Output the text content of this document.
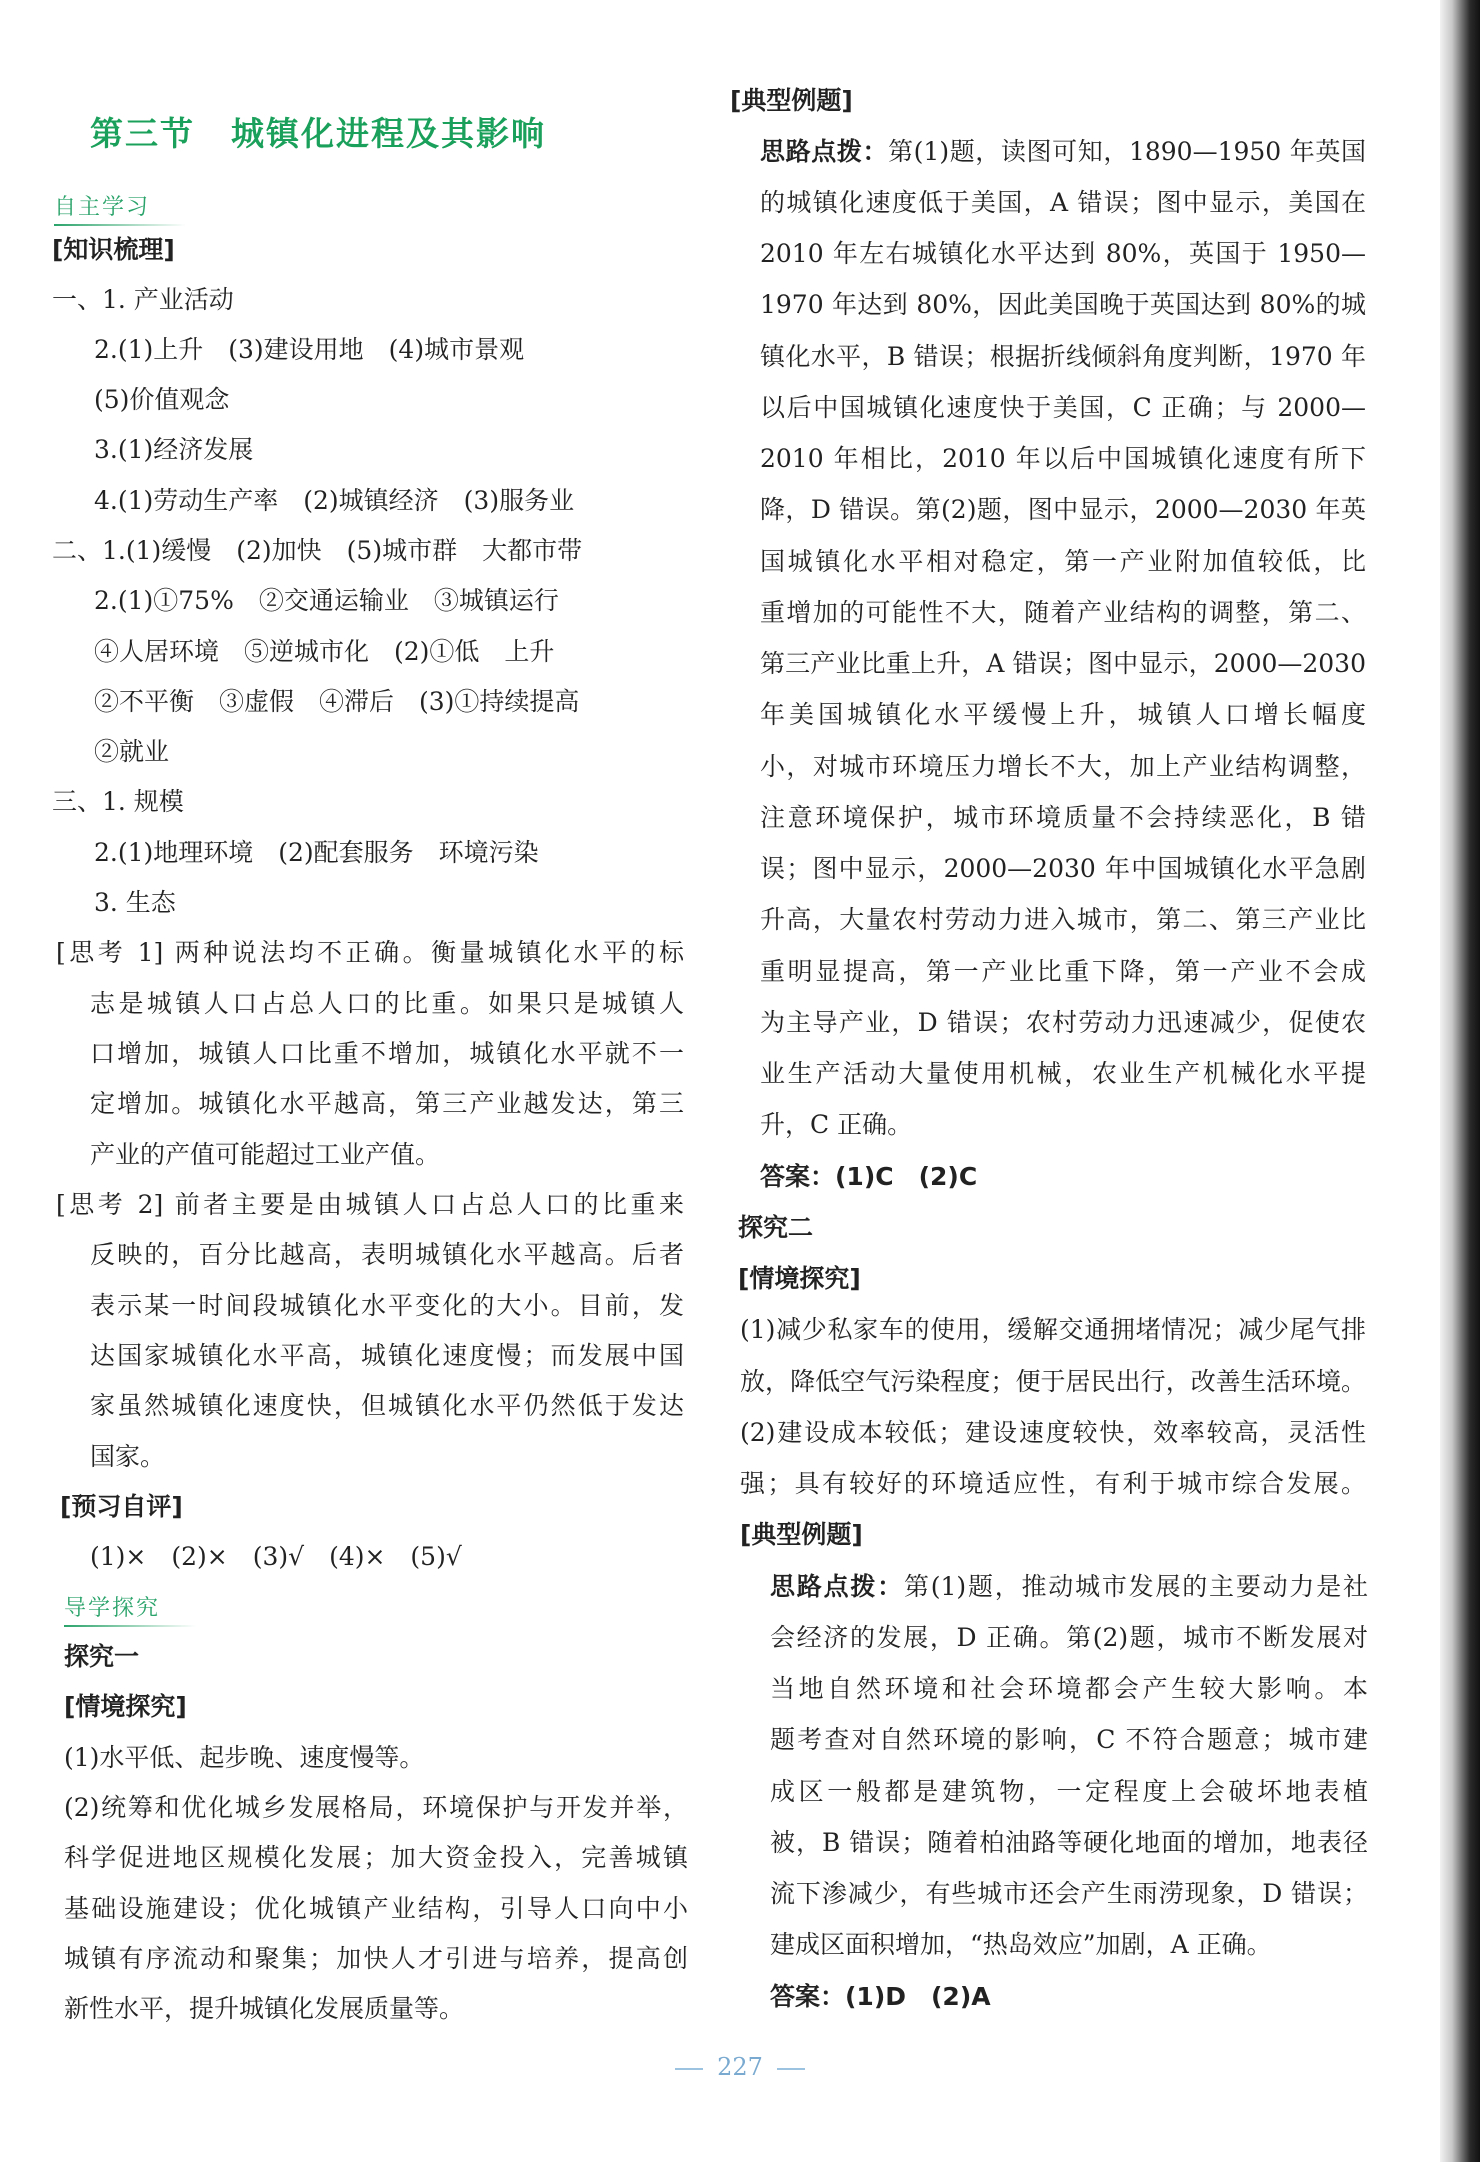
第三节 城镇化进程及其影响
自主学习
[知识梳理]
一、1. 产业活动
2.(1)上升　(3)建设用地　(4)城市景观
(5)价值观念
3.(1)经济发展
4.(1)劳动生产率　(2)城镇经济　(3)服务业
二、1.(1)缓慢　(2)加快　(5)城市群　大都市带
2.(1)①75%　②交通运输业　③城镇运行
④人居环境　⑤逆城市化　(2)①低　上升
②不平衡　③虚假　④滞后　(3)①持续提高
②就业
三、1. 规模
2.(1)地理环境　(2)配套服务　环境污染
3. 生态
[思考 1] 两种说法均不正确。衡量城镇化水平的标
志是城镇人口占总人口的比重。如果只是城镇人
口增加，城镇人口比重不增加，城镇化水平就不一
定增加。城镇化水平越高，第三产业越发达，第三
产业的产值可能超过工业产值。
[思考 2] 前者主要是由城镇人口占总人口的比重来
反映的，百分比越高，表明城镇化水平越高。后者
表示某一时间段城镇化水平变化的大小。目前，发
达国家城镇化水平高，城镇化速度慢；而发展中国
家虽然城镇化速度快，但城镇化水平仍然低于发达
国家。
[预习自评]
(1)×　(2)×　(3)√　(4)×　(5)√
导学探究
探究一
[情境探究]
(1)水平低、起步晚、速度慢等。
(2)统筹和优化城乡发展格局，环境保护与开发并举，
科学促进地区规模化发展；加大资金投入，完善城镇
基础设施建设；优化城镇产业结构，引导人口向中小
城镇有序流动和聚集；加快人才引进与培养，提高创
新性水平，提升城镇化发展质量等。
[典型例题]
思路点拨：第(1)题，读图可知，1890—1950 年英国
的城镇化速度低于美国，A 错误；图中显示，美国在
2010 年左右城镇化水平达到 80%，英国于 1950—
1970 年达到 80%，因此美国晚于英国达到 80%的城
镇化水平，B 错误；根据折线倾斜角度判断，1970 年
以后中国城镇化速度快于美国，C 正确；与 2000—
2010 年相比，2010 年以后中国城镇化速度有所下
降，D 错误。第(2)题，图中显示，2000—2030 年英
国城镇化水平相对稳定，第一产业附加值较低，比
重增加的可能性不大，随着产业结构的调整，第二、
第三产业比重上升，A 错误；图中显示，2000—2030
年美国城镇化水平缓慢上升，城镇人口增长幅度
小，对城市环境压力增长不大，加上产业结构调整，
注意环境保护，城市环境质量不会持续恶化，B 错
误；图中显示，2000—2030 年中国城镇化水平急剧
升高，大量农村劳动力进入城市，第二、第三产业比
重明显提高，第一产业比重下降，第一产业不会成
为主导产业，D 错误；农村劳动力迅速减少，促使农
业生产活动大量使用机械，农业生产机械化水平提
升，C 正确。
答案：(1)C　(2)C
探究二
[情境探究]
(1)减少私家车的使用，缓解交通拥堵情况；减少尾气排
放，降低空气污染程度；便于居民出行，改善生活环境。
(2)建设成本较低；建设速度较快，效率较高，灵活性
强；具有较好的环境适应性，有利于城市综合发展。
[典型例题]
思路点拨：第(1)题，推动城市发展的主要动力是社
会经济的发展，D 正确。第(2)题，城市不断发展对
当地自然环境和社会环境都会产生较大影响。本
题考查对自然环境的影响，C 不符合题意；城市建
成区一般都是建筑物，一定程度上会破坏地表植
被，B 错误；随着柏油路等硬化地面的增加，地表径
流下渗减少，有些城市还会产生雨涝现象，D 错误；
建成区面积增加，“热岛效应”加剧，A 正确。
答案：(1)D　(2)A
227
